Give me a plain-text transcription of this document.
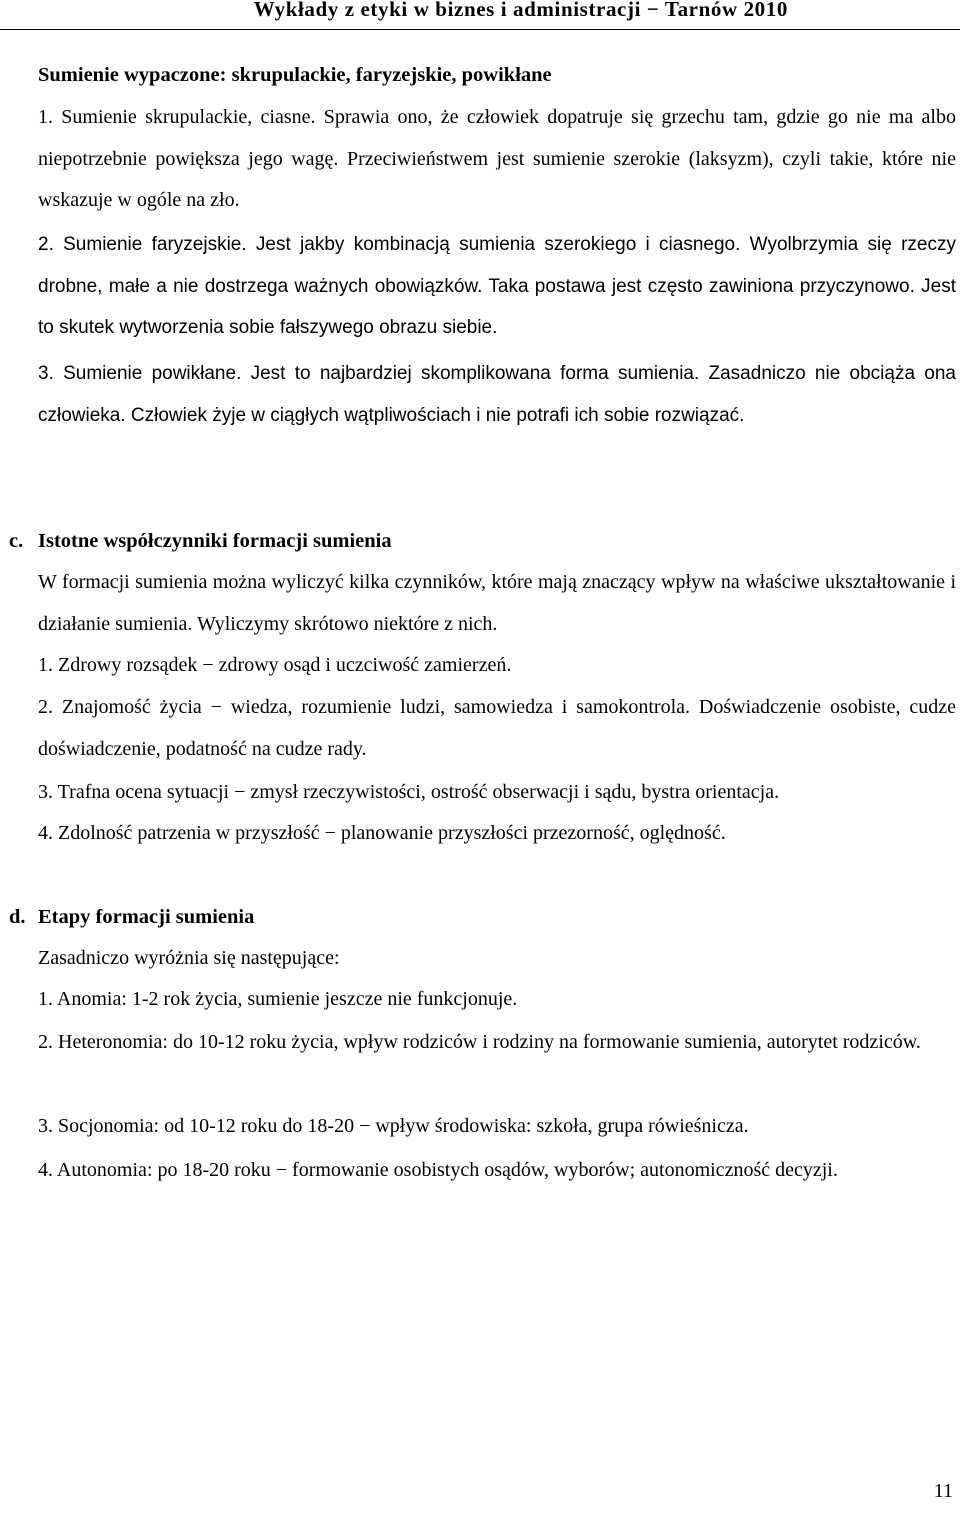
Wykłady z etyki w biznes i administracji − Tarnów 2010
Sumienie wypaczone: skrupulackie, faryzejskie, powikłane

1. Sumienie skrupulackie, ciasne. Sprawia ono, że człowiek dopatruje się grzechu tam, gdzie go nie ma albo niepotrzebnie powiększa jego wagę. Przeciwieństwem jest sumienie szerokie (laksyzm), czyli takie, które nie wskazuje w ogóle na zło.

2. Sumienie faryzejskie. Jest jakby kombinacją sumienia szerokiego i ciasnego. Wyolbrzymia się rzeczy drobne, małe a nie dostrzega ważnych obowiązków. Taka postawa jest często zawiniona przyczynowo. Jest to skutek wytworzenia sobie fałszywego obrazu siebie.

3. Sumienie powikłane. Jest to najbardziej skomplikowana forma sumienia. Zasadniczo nie obciąża ona człowieka. Człowiek żyje w ciągłych wątpliwościach i nie potrafi ich sobie rozwiązać.

c. Istotne współczynniki formacji sumienia

W formacji sumienia można wyliczyć kilka czynników, które mają znaczący wpływ na właściwe ukształtowanie i działanie sumienia. Wyliczymy skrótowo niektóre z nich.

1. Zdrowy rozsądek − zdrowy osąd i uczciwość zamierzeń.

2. Znajomość życia − wiedza, rozumienie ludzi, samowiedza i samokontrola. Doświadczenie osobiste, cudze doświadczenie, podatność na cudze rady.

3. Trafna ocena sytuacji − zmysł rzeczywistości, ostrość obserwacji i sądu, bystra orientacja.
4. Zdolność patrzenia w przyszłość − planowanie przyszłości przezorność, oględność.
d. Etapy formacji sumienia
Zasadniczo wyróżnia się następujące:
1. Anomia: 1-2 rok życia, sumienie jeszcze nie funkcjonuje.

2. Heteronomia: do 10-12 roku życia, wpływ rodziców i rodziny na formowanie sumienia, autorytet rodziców.

3. Socjonomia: od 10-12 roku do 18-20 − wpływ środowiska: szkoła, grupa rówieśnicza.
4. Autonomia: po 18-20 roku − formowanie osobistych osądów, wyborów; autonomiczność decyzji.
11
